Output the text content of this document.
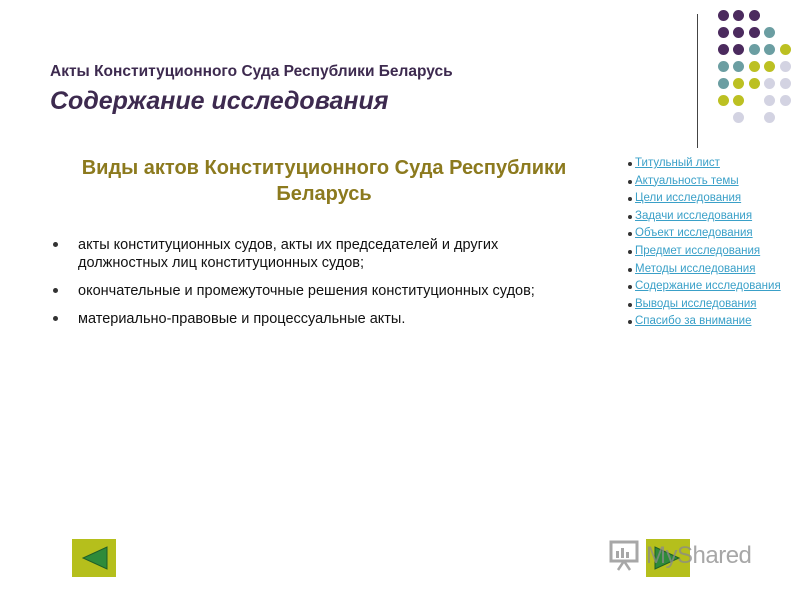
Акты Конституционного Суда Республики Беларусь
Содержание исследования
Виды актов Конституционного Суда Республики Беларусь
акты конституционных судов, акты их председателей и других должностных лиц конституционных судов;
окончательные и промежуточные решения конституционных судов;
материально-правовые и процессуальные акты.
Титульный лист
Актуальность темы
Цели исследования
Задачи исследования
Объект исследования
Предмет исследования
Методы исследования
Содержание исследования
Выводы исследования
Спасибо за внимание
MyShared
